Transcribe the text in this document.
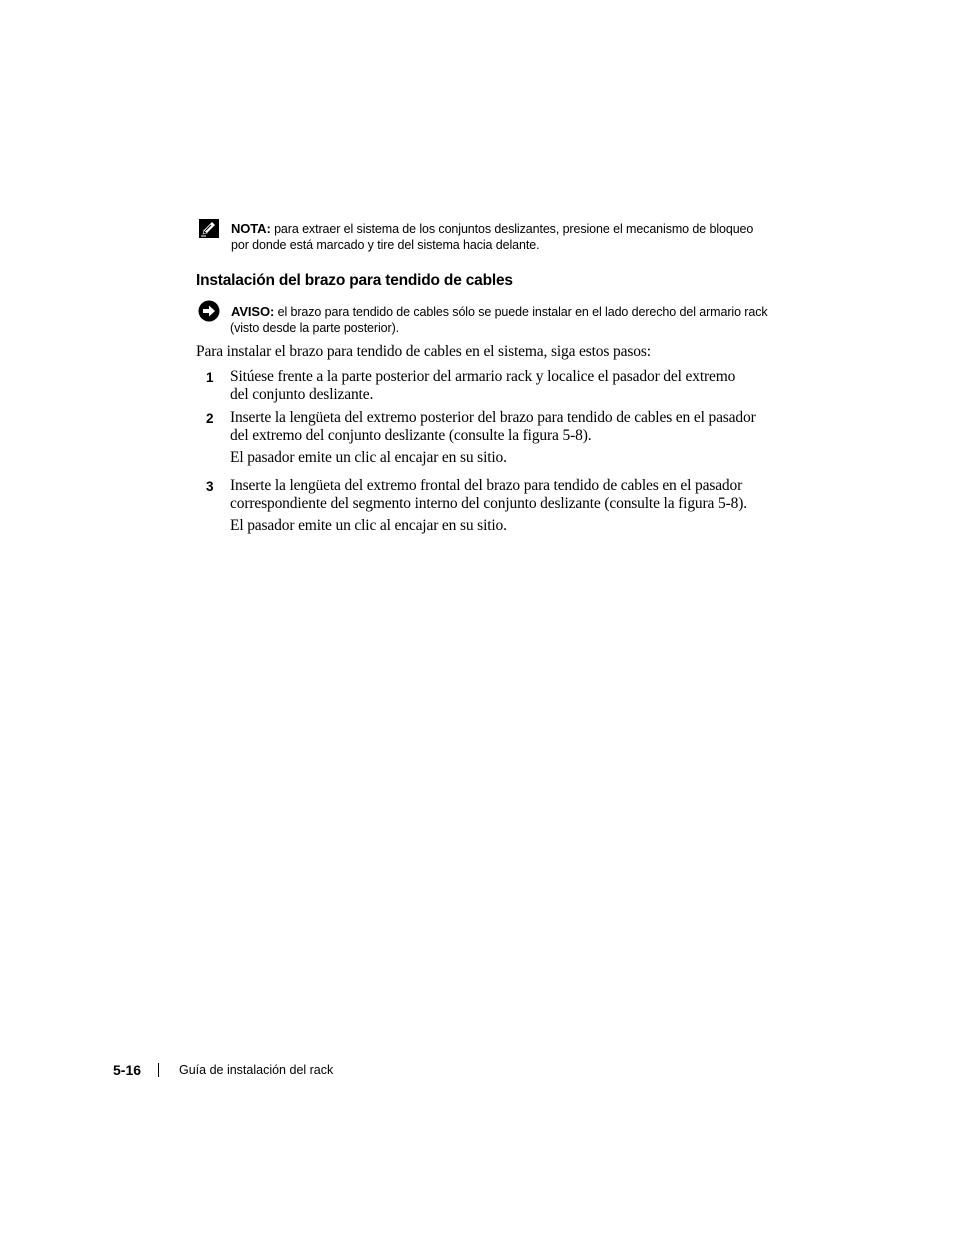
NOTA: para extraer el sistema de los conjuntos deslizantes, presione el mecanismo de bloqueo
por donde está marcado y tire del sistema hacia delante.
Instalación del brazo para tendido de cables
AVISO: el brazo para tendido de cables sólo se puede instalar en el lado derecho del armario rack
(visto desde la parte posterior).
Para instalar el brazo para tendido de cables en el sistema, siga estos pasos:
1 Sitúese frente a la parte posterior del armario rack y localice el pasador del extremo
del conjunto deslizante.
2 Inserte la lengüeta del extremo posterior del brazo para tendido de cables en el pasador
del extremo del conjunto deslizante (consulte la figura 5-8).
El pasador emite un clic al encajar en su sitio.
3 Inserte la lengüeta del extremo frontal del brazo para tendido de cables en el pasador
correspondiente del segmento interno del conjunto deslizante (consulte la figura 5-8).
El pasador emite un clic al encajar en su sitio.
5-16	Guía de instalación del rack
